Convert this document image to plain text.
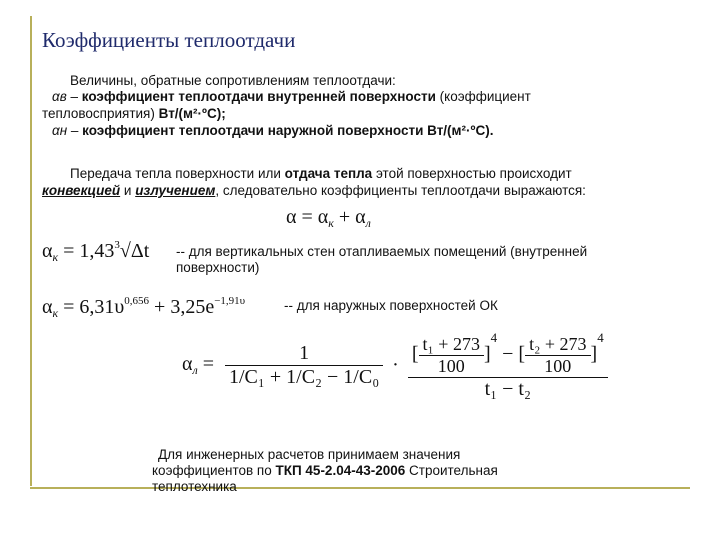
Коэффициенты теплоотдачи
Величины, обратные сопротивлениям теплоотдачи:
αв – коэффициент теплоотдачи внутренней поверхности (коэффициент
тепловосприятия) Вт/(м²·ºС);
αн – коэффициент теплоотдачи наружной поверхности Вт/(м²·ºС).
Передача тепла поверхности или отдача тепла этой поверхностью происходит
конвекцией и излучением, следовательно коэффициенты теплоотдачи выражаются:
$\alpha = \alpha_к + \alpha_л$
$\alpha_к = 1,43^3√\Delta t$ -- для вертикальных стен отапливаемых помещений (внутренней
поверхности)
$\alpha_к = 6,31\upsilon^{0,656} + 3,25e^{-1,91\upsilon}$	-- для наружных поверхностей ОК
$\alpha_л = \frac{1}{\text{1/C₁ + 1/C₂ − 1/C₀}} \cdot \frac{[ \frac{\text{t₁ + 273}}{100} ]^4 - [ \frac{\text{t₂ + 273}}{100} ]^4}{\text{t₁ − t₂}}$
Для инженерных расчетов принимаем значения
коэффициентов по ТКП 45-2.04-43-2006 Строительная
теплотехника
